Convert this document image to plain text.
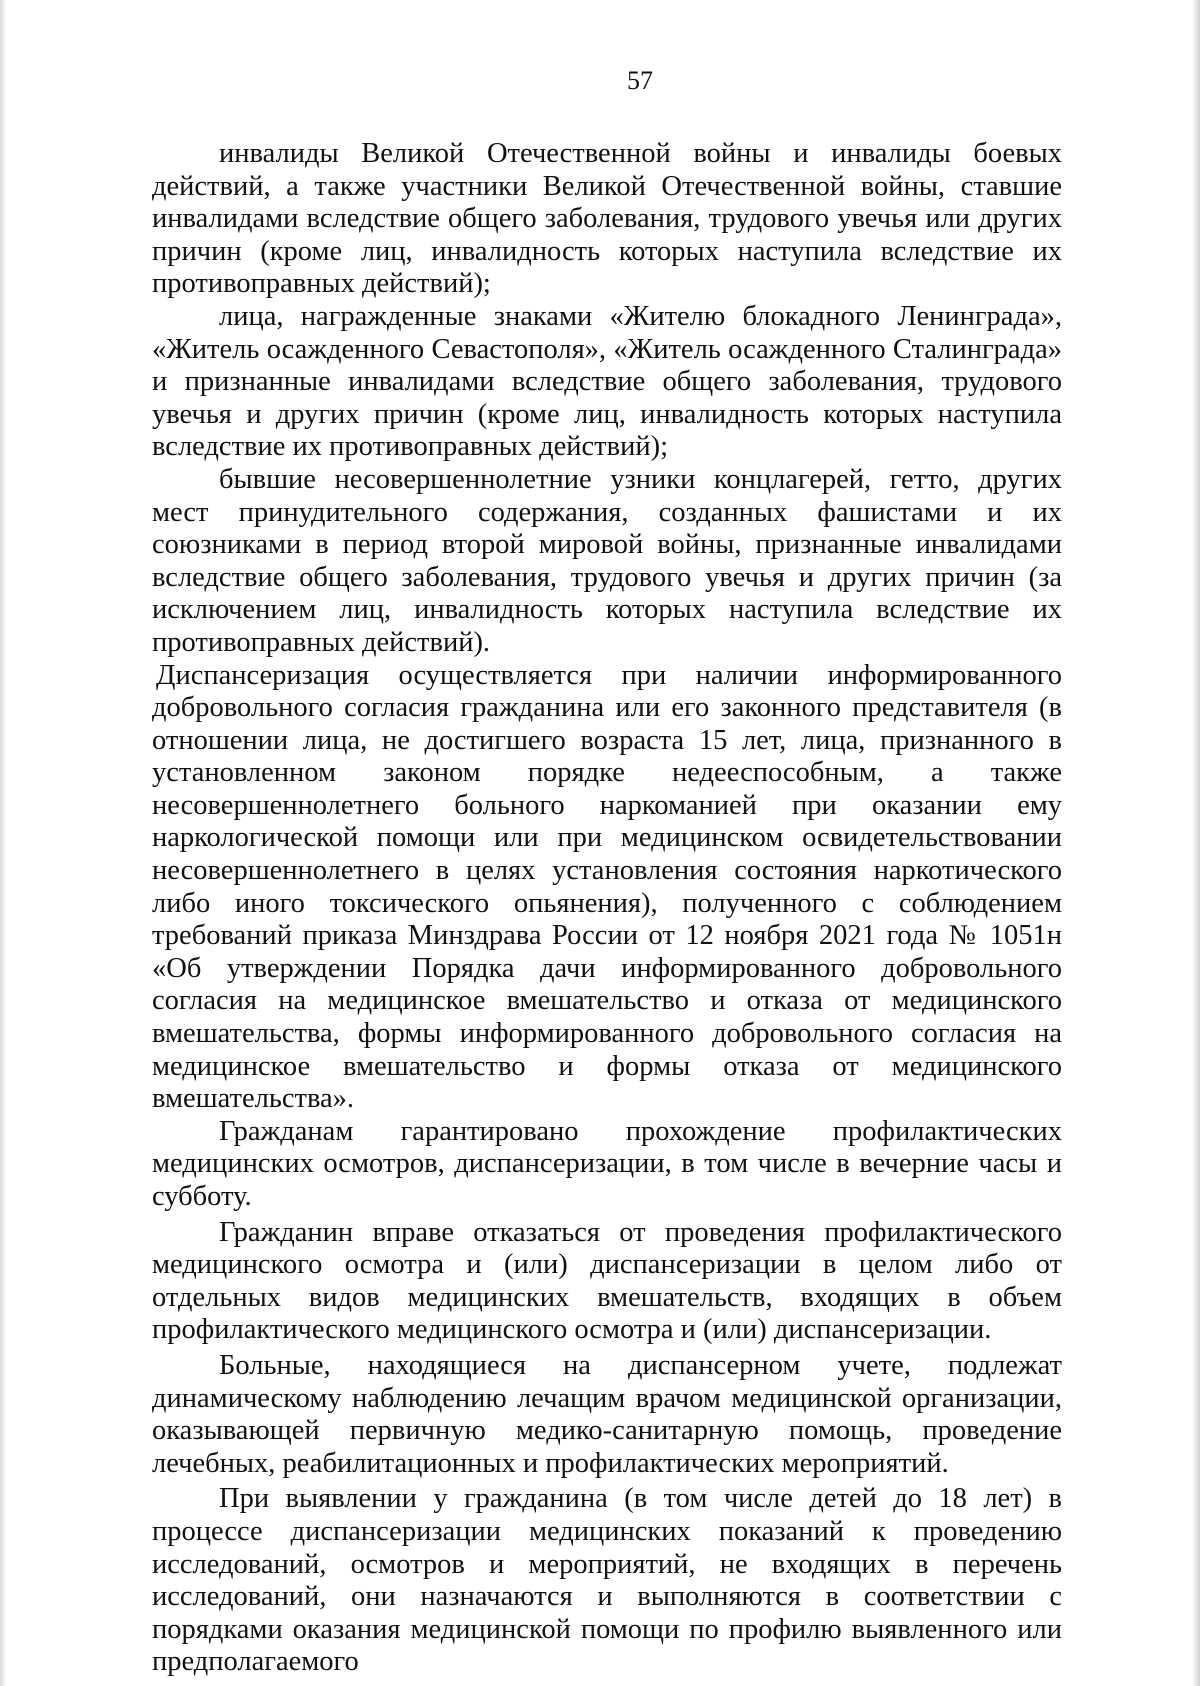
57

инвалиды Великой Отечественной войны и инвалиды боевых действий, а также участники Великой Отечественной войны, ставшие инвалидами вследствие общего заболевания, трудового увечья или других причин (кроме лиц, инвалидность которых наступила вследствие их противоправных действий);

лица, награжденные знаками «Жителю блокадного Ленинграда», «Житель осажденного Севастополя», «Житель осажденного Сталинграда» и признанные инвалидами вследствие общего заболевания, трудового увечья и других причин (кроме лиц, инвалидность которых наступила вследствие их противоправных действий);

бывшие несовершеннолетние узники концлагерей, гетто, других мест принудительного содержания, созданных фашистами и их союзниками в период второй мировой войны, признанные инвалидами вследствие общего заболевания, трудового увечья и других причин (за исключением лиц, инвалидность которых наступила вследствие их противоправных действий).

Диспансеризация осуществляется при наличии информированного добровольного согласия гражданина или его законного представителя (в отношении лица, не достигшего возраста 15 лет, лица, признанного в установленном законом порядке недееспособным, а также несовершеннолетнего больного наркоманией при оказании ему наркологической помощи или при медицинском освидетельствовании несовершеннолетнего в целях установления состояния наркотического либо иного токсического опьянения), полученного с соблюдением требований приказа Минздрава России от 12 ноября 2021 года № 1051н «Об утверждении Порядка дачи информированного добровольного согласия на медицинское вмешательство и отказа от медицинского вмешательства, формы информированного добровольного согласия на медицинское вмешательство и формы отказа от медицинского вмешательства».

Гражданам гарантировано прохождение профилактических медицинских осмотров, диспансеризации, в том числе в вечерние часы и субботу.

Гражданин вправе отказаться от проведения профилактического медицинского осмотра и (или) диспансеризации в целом либо от отдельных видов медицинских вмешательств, входящих в объем профилактического медицинского осмотра и (или) диспансеризации.

Больные, находящиеся на диспансерном учете, подлежат динамическому наблюдению лечащим врачом медицинской организации, оказывающей первичную медико-санитарную помощь, проведение лечебных, реабилитационных и профилактических мероприятий.

При выявлении у гражданина (в том числе детей до 18 лет) в процессе диспансеризации медицинских показаний к проведению исследований, осмотров и мероприятий, не входящих в перечень исследований, они назначаются и выполняются в соответствии с порядками оказания медицинской помощи по профилю выявленного или предполагаемого
